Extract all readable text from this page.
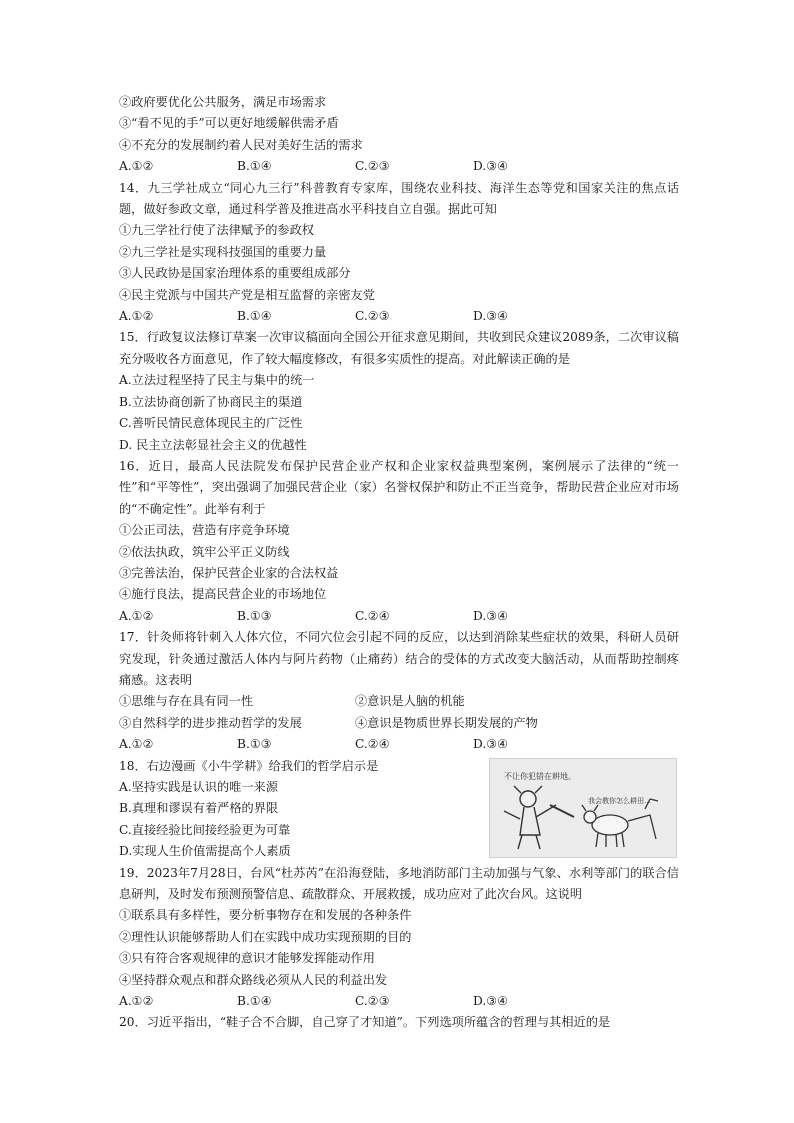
②政府要优化公共服务，满足市场需求
③“看不见的手”可以更好地缓解供需矛盾
④不充分的发展制约着人民对美好生活的需求
A.①②	B.①④	C.②③	D.③④
14．九三学社成立“同心九三行”科普教育专家库，围绕农业科技、海洋生态等党和国家关注的焦点话题，做好参政文章，通过科学普及推进高水平科技自立自强。据此可知
①九三学社行使了法律赋予的参政权
②九三学社是实现科技强国的重要力量
③人民政协是国家治理体系的重要组成部分
④民主党派与中国共产党是相互监督的亲密友党
A.①②	B.①④	C.②③	D.③④
15．行政复议法修订草案一次审议稿面向全国公开征求意见期间，共收到民众建议2089条，二次审议稿充分吸收各方面意见，作了较大幅度修改，有很多实质性的提高。对此解读正确的是
A.立法过程坚持了民主与集中的统一
B.立法协商创新了协商民主的渠道
C.善听民情民意体现民主的广泛性
D. 民主立法彰显社会主义的优越性
16．近日，最高人民法院发布保护民营企业产权和企业家权益典型案例，案例展示了法律的“统一性”和“平等性”，突出强调了加强民营企业（家）名誉权保护和防止不正当竞争，帮助民营企业应对市场的“不确定性”。此举有利于
①公正司法，营造有序竞争环境
②依法执政，筑牢公平正义防线
③完善法治，保护民营企业家的合法权益
④施行良法，提高民营企业的市场地位
A.①②	B.①③	C.②④	D.③④
17．针灸师将针刺入人体穴位，不同穴位会引起不同的反应，以达到消除某些症状的效果，科研人员研究发现，针灸通过激活人体内与阿片药物（止痛药）结合的受体的方式改变大脑活动，从而帮助控制疼痛感。这表明
①思维与存在具有同一性	②意识是人脑的机能
③自然科学的进步推动哲学的发展	④意识是物质世界长期发展的产物
A.①②	B.①③	C.②④	D.③④
18．右边漫画《小牛学耕》给我们的哲学启示是
A.坚持实践是认识的唯一来源
B.真理和谬误有着严格的界限
C.直接经验比间接经验更为可靠
D.实现人生价值需提高个人素质
不让你犯错在耕地。
我会教你怎么耕田…
19．2023年7月28日，台风“杜苏芮”在沿海登陆，多地消防部门主动加强与气象、水利等部门的联合信息研判，及时发布预测预警信息、疏散群众、开展救援，成功应对了此次台风。这说明
①联系具有多样性，要分析事物存在和发展的各种条件
②理性认识能够帮助人们在实践中成功实现预期的目的
③只有符合客观规律的意识才能够发挥能动作用
④坚持群众观点和群众路线必须从人民的利益出发
A.①②	B.①④	C.②③	D.③④
20．习近平指出，“鞋子合不合脚，自己穿了才知道”。下列选项所蕴含的哲理与其相近的是
